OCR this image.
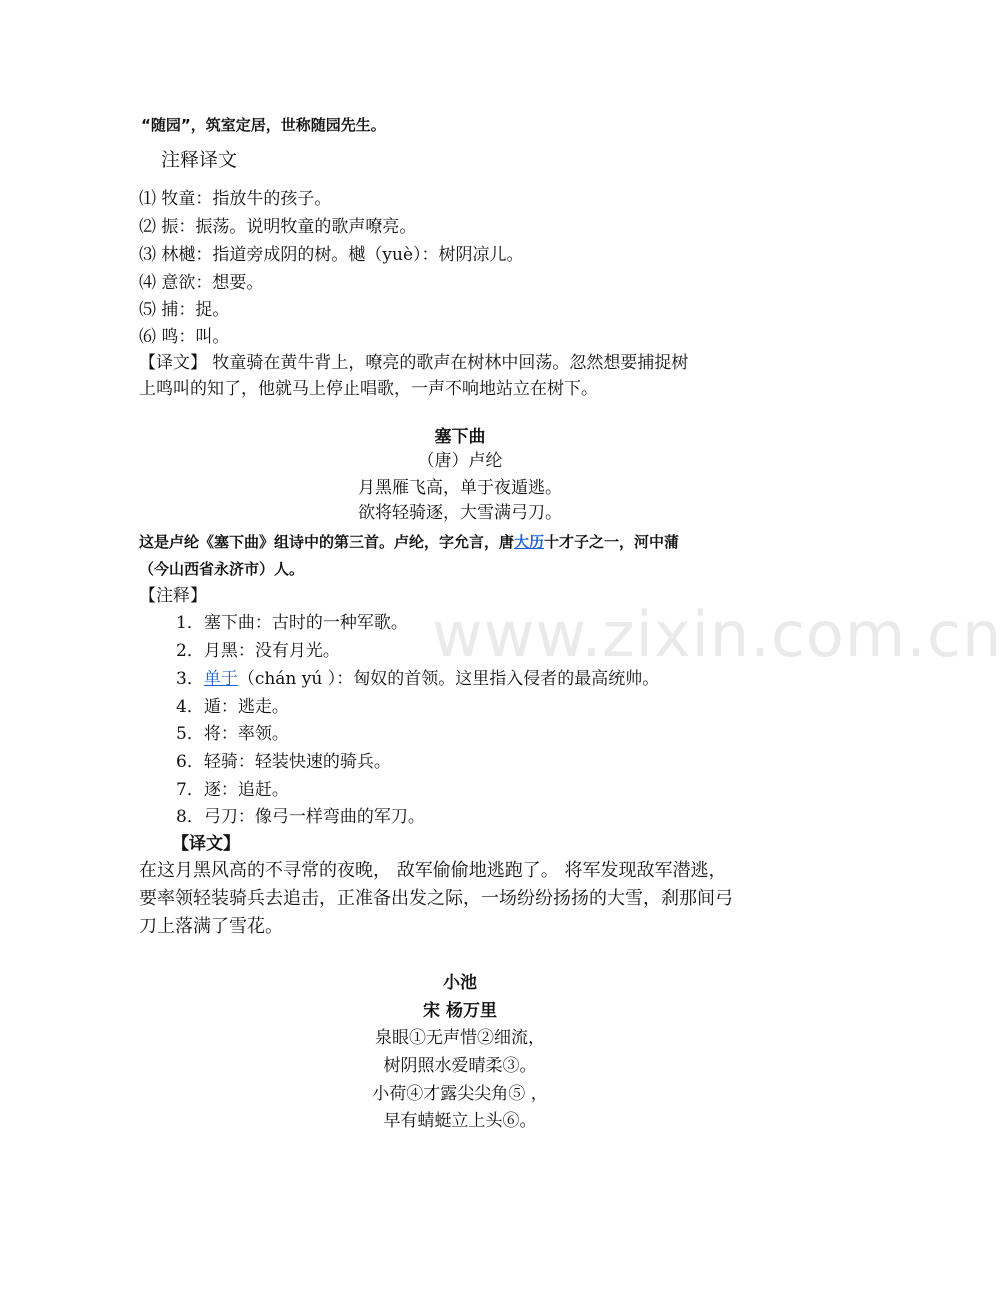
www.zixin.com.cn
“随园”，筑室定居，世称随园先生。
注释译文
⑴ 牧童：指放牛的孩子。
⑵ 振：振荡。说明牧童的歌声嘹亮。
⑶ 林樾：指道旁成阴的树。樾（yuè）：树阴凉儿。
⑷ 意欲：想要。
⑸ 捕：捉。
⑹ 鸣：叫。
【译文】 牧童骑在黄牛背上，嘹亮的歌声在树林中回荡。忽然想要捕捉树
上鸣叫的知了，他就马上停止唱歌，一声不响地站立在树下。
塞下曲
（唐）卢纶
月黑雁飞高，单于夜遁逃。
欲将轻骑逐，大雪满弓刀。
这是卢纶《塞下曲》组诗中的第三首。卢纶，字允言，唐大历十才子之一，河中蒲
（今山西省永济市）人。
【注释】
1．塞下曲：古时的一种军歌。
2．月黑：没有月光。
3．单于（chán yú ）：匈奴的首领。这里指入侵者的最高统帅。
4．遁：逃走。
5．将：率领。
6．轻骑：轻装快速的骑兵。
7．逐：追赶。
8．弓刀：像弓一样弯曲的军刀。
【译文】
在这月黑风高的不寻常的夜晚， 敌军偷偷地逃跑了。 将军发现敌军潜逃，
要率领轻装骑兵去追击，正准备出发之际，一场纷纷扬扬的大雪，刹那间弓
刀上落满了雪花。
小池
宋 杨万里
泉眼①无声惜②细流，
树阴照水爱晴柔③。
小荷④才露尖尖角⑤ ，
早有蜻蜓立上头⑥。
